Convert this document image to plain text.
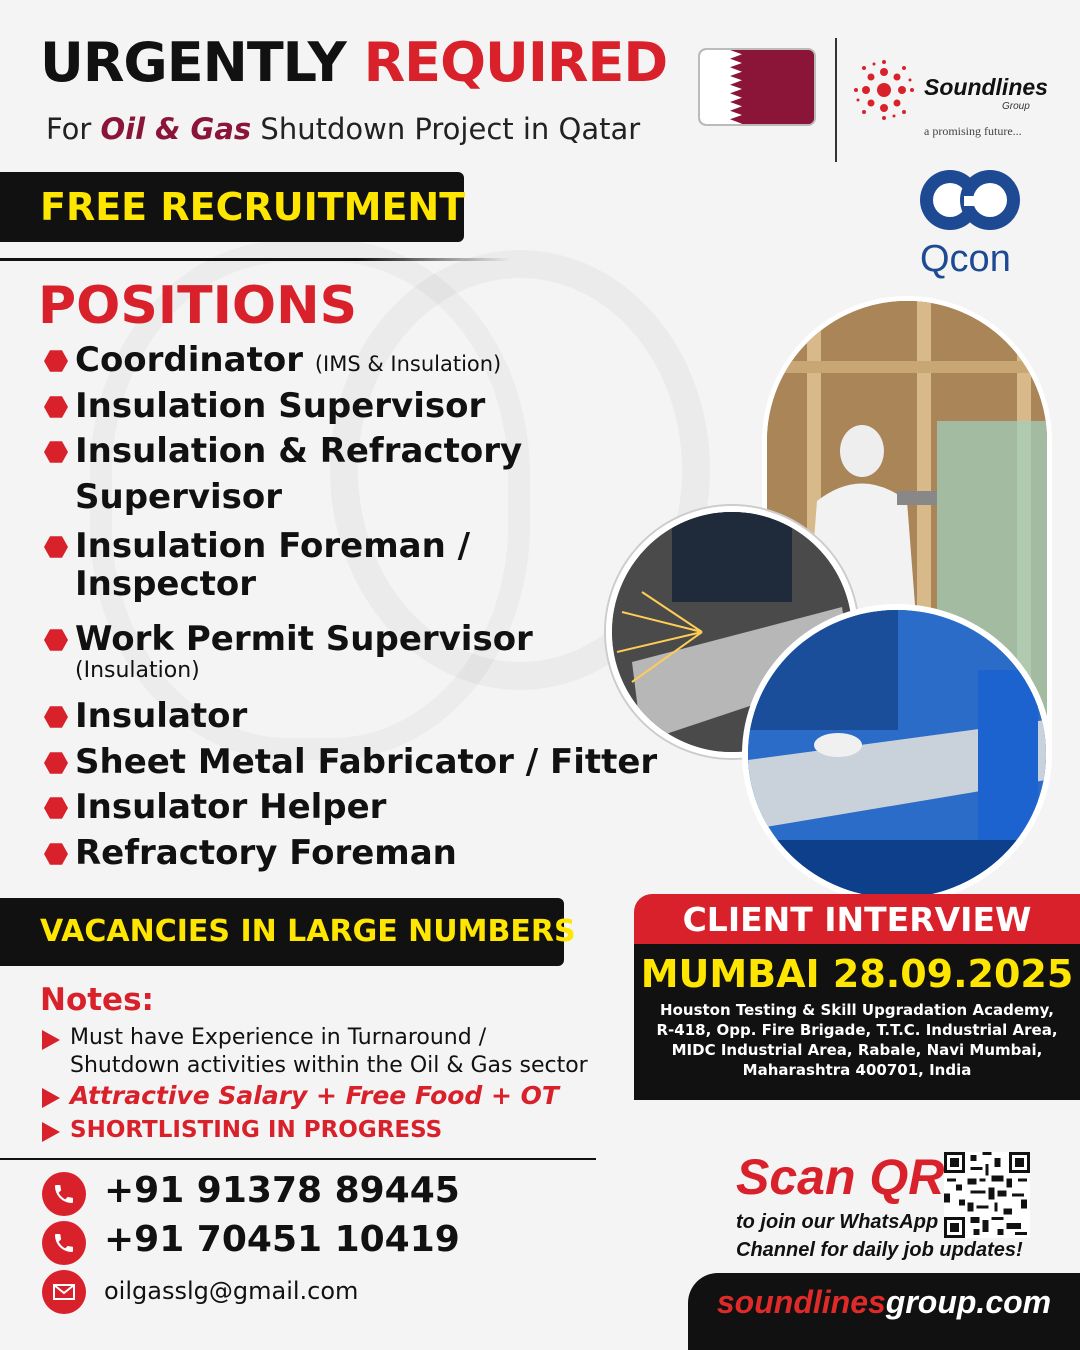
URGENTLY REQUIRED
For Oil & Gas Shutdown Project in Qatar
Soundlines
Group
a promising future...
FREE RECRUITMENT
Qcon
POSITIONS
Coordinator (IMS & Insulation)
Insulation Supervisor
Insulation & Refractory
Supervisor
Insulation Foreman /
Inspector
Work Permit Supervisor
(Insulation)
Insulator
Sheet Metal Fabricator / Fitter
Insulator Helper
Refractory Foreman
VACANCIES IN LARGE NUMBERS	CLIENT INTERVIEW
MUMBAI 28.09.2025
Houston Testing & Skill Upgradation Academy,
R-418, Opp. Fire Brigade, T.T.C. Industrial Area,
MIDC Industrial Area, Rabale, Navi Mumbai,
Maharashtra 400701, India
Notes:
Must have Experience in Turnaround /
Shutdown activities within the Oil & Gas sector
Attractive Salary + Free Food + OT
SHORTLISTING IN PROGRESS
+91 91378 89445
+91 70451 10419
oilgasslg@gmail.com
Scan QR
to join our WhatsApp
Channel for daily job updates!
soundlinesgroup.com
